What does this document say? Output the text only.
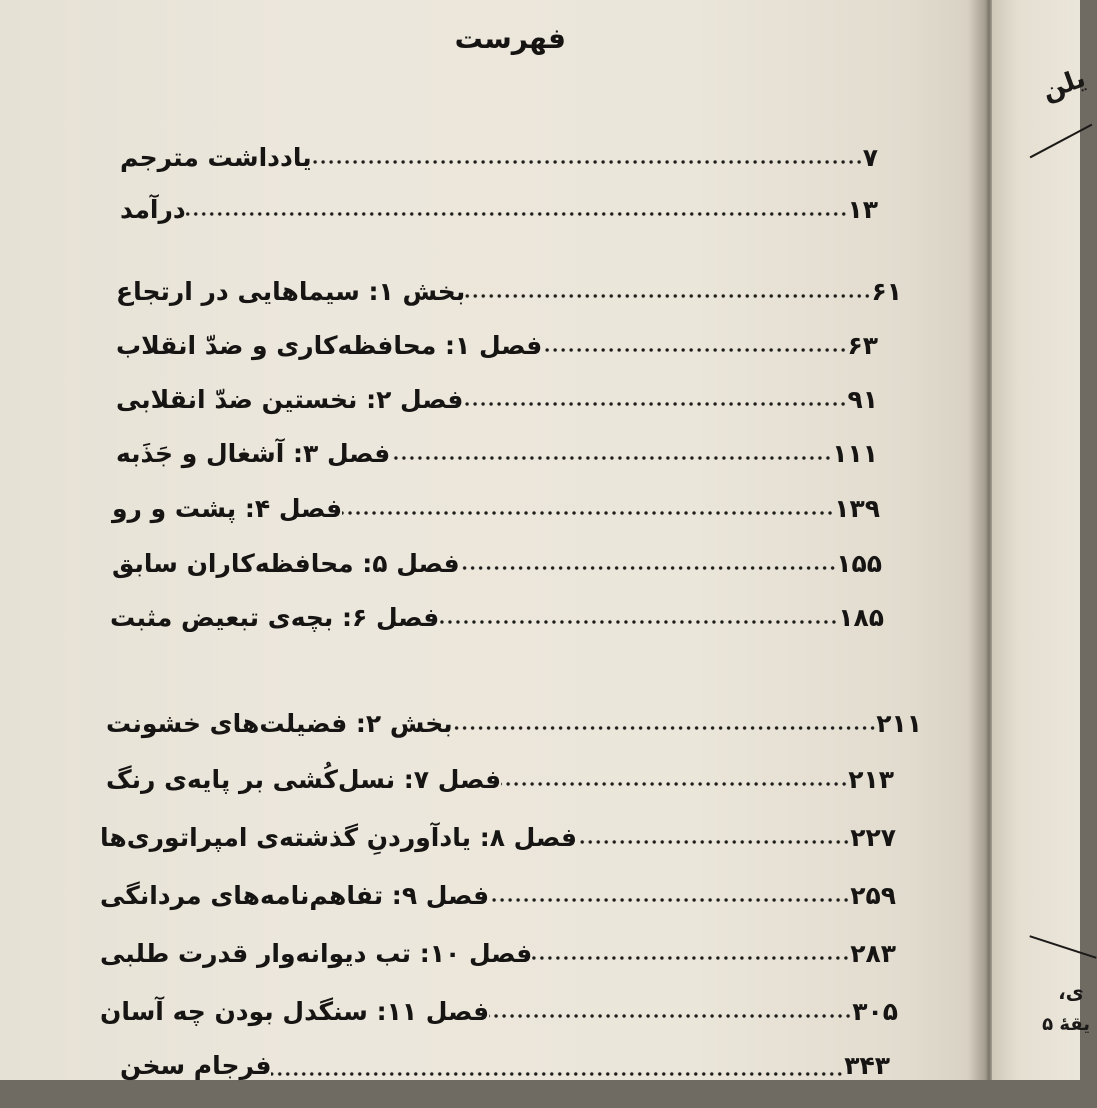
فهرست
یادداشت مترجم	۷
درآمد	۱۳
بخش ۱: سیماهایی در ارتجاع	۶۱
فصل ۱: محافظه‌کاری و ضدّ انقلاب	۶۳
فصل ۲: نخستین ضدّ انقلابی	۹۱
فصل ۳: آشغال و جَذَبه	۱۱۱
فصل ۴: پشت و رو	۱۳۹
فصل ۵: محافظه‌کاران سابق	۱۵۵
فصل ۶: بچه‌ی تبعیض مثبت	۱۸۵
بخش ۲: فضیلت‌های خشونت	۲۱۱
فصل ۷: نسل‌کُشی بر پایه‌ی رنگ	۲۱۳
فصل ۸: یادآوردنِ گذشته‌ی امپراتوری‌ها	۲۲۷
فصل ۹: تفاهم‌نامه‌های مردانگی	۲۵۹
فصل ۱۰: تب دیوانه‌وار قدرت طلبی	۲۸۳
فصل ۱۱: سنگدل بودن چه آسان	۳۰۵
فرجام سخن	۳۴۳
یلن
ی،
یقهٔ ۵
